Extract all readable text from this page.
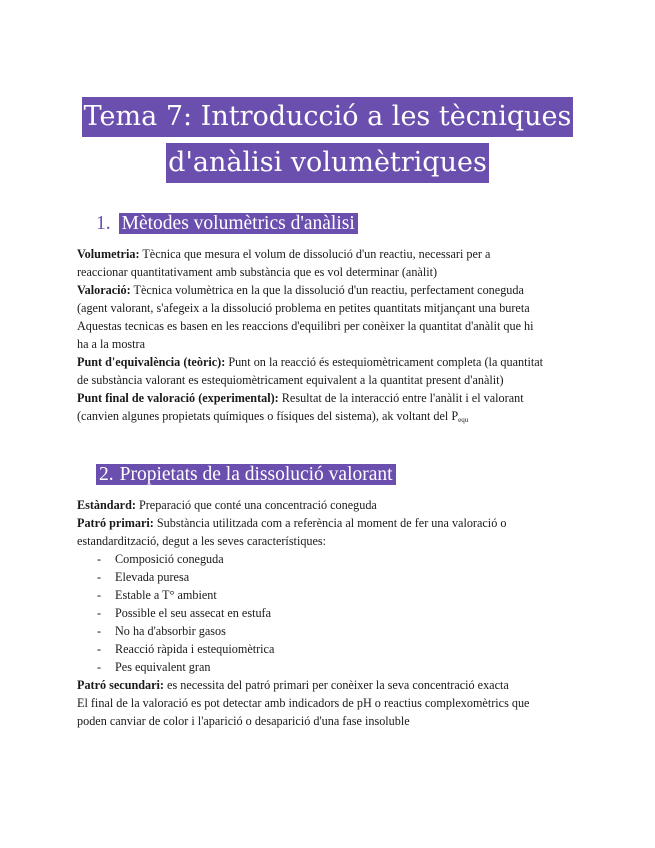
Tema 7: Introducció a les tècniques
d'anàlisi volumètriques
1. Mètodes volumètrics d'anàlisi

Volumetria: Tècnica que mesura el volum de dissolució d'un reactiu, necessari per a

reaccionar quantitativament amb substància que es vol determinar (anàlit)

Valoració: Tècnica volumètrica en la que la dissolució d'un reactiu, perfectament coneguda

(agent valorant, s'afegeix a la dissolució problema en petites quantitats mitjançant una bureta

Aquestas tecnicas es basen en les reaccions d'equilibri per conèixer la quantitat d'anàlit que hi

ha a la mostra

Punt d'equivalència (teòric): Punt on la reacció és estequiomètricament completa (la quantitat

de substància valorant es estequiomètricament equivalent a la quantitat present d'anàlit)

Punt final de valoració (experimental): Resultat de la interacció entre l'anàlit i el valorant

(canvien algunes propietats químiques o físiques del sistema), ak voltant del $P_{equ}$

2. Propietats de la dissolució valorant

Estàndard: Preparació que conté una concentració coneguda

Patró primari: Substància utilitzada com a referència al moment de fer una valoració o

estandardització, degut a les seves característiques:

- Composició coneguda
- Elevada puresa
- Estable a T° ambient
- Possible el seu assecat en estufa
- No ha d'absorbir gasos
- Reacció ràpida i estequiomètrica
- Pes equivalent gran

Patró secundari: es necessita del patró primari per conèixer la seva concentració exacta

El final de la valoració es pot detectar amb indicadors de pH o reactius complexomètrics que

poden canviar de color i l'aparició o desaparició d'una fase insoluble
